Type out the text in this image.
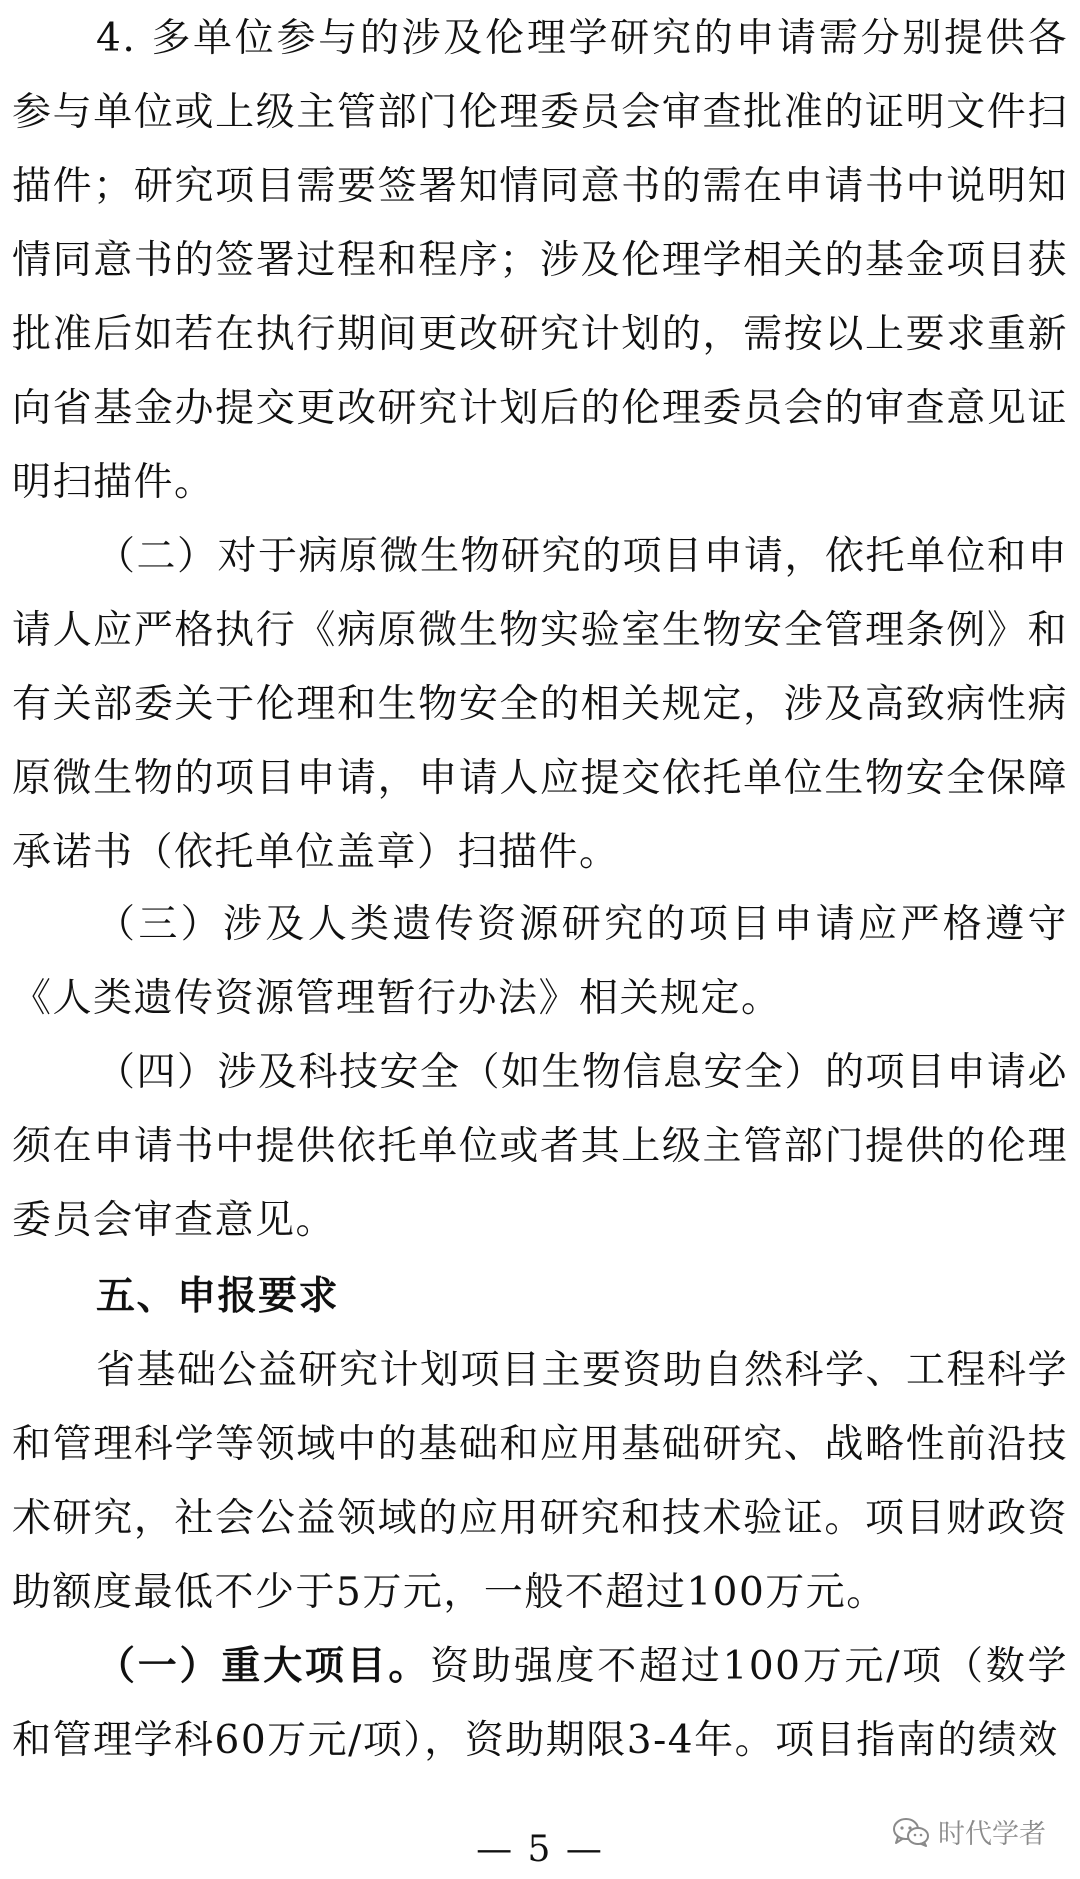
4. 多单位参与的涉及伦理学研究的申请需分别提供各参与单位或上级主管部门伦理委员会审查批准的证明文件扫描件；研究项目需要签署知情同意书的需在申请书中说明知情同意书的签署过程和程序；涉及伦理学相关的基金项目获批准后如若在执行期间更改研究计划的，需按以上要求重新向省基金办提交更改研究计划后的伦理委员会的审查意见证明扫描件。

（二）对于病原微生物研究的项目申请，依托单位和申请人应严格执行《病原微生物实验室生物安全管理条例》和有关部委关于伦理和生物安全的相关规定，涉及高致病性病原微生物的项目申请，申请人应提交依托单位生物安全保障承诺书（依托单位盖章）扫描件。

（三）涉及人类遗传资源研究的项目申请应严格遵守《人类遗传资源管理暂行办法》相关规定。

（四）涉及科技安全（如生物信息安全）的项目申请必须在申请书中提供依托单位或者其上级主管部门提供的伦理委员会审查意见。

五、申报要求

省基础公益研究计划项目主要资助自然科学、工程科学和管理科学等领域中的基础和应用基础研究、战略性前沿技术研究，社会公益领域的应用研究和技术验证。项目财政资助额度最低不少于5万元，一般不超过100万元。

（一）重大项目。资助强度不超过100万元/项（数学和管理学科60万元/项），资助期限3-4年。项目指南的绩效

— 5 —	时代学者
